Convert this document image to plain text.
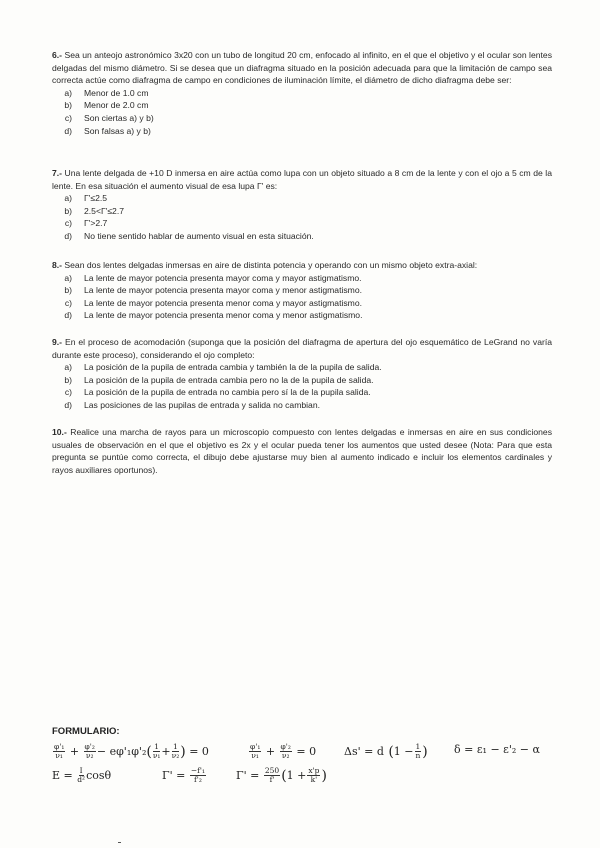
6.- Sea un anteojo astronómico 3x20 con un tubo de longitud 20 cm, enfocado al infinito, en el que el objetivo y el ocular son lentes delgadas del mismo diámetro. Si se desea que un diafragma situado en la posición adecuada para que la limitación de campo sea correcta actúe como diafragma de campo en condiciones de iluminación límite, el diámetro de dicho diafragma debe ser:

a)	Menor de 1.0 cm
b)	Menor de 2.0 cm
c)	Son ciertas a) y b)
d)	Son falsas a) y b)

7.- Una lente delgada de +10 D inmersa en aire actúa como lupa con un objeto situado a 8 cm de la lente y con el ojo a 5 cm de la lente. En esa situación el aumento visual de esa lupa Γ' es:

a)	Γ'≤2.5
b)	2.5<Γ'≤2.7
c)	Γ'>2.7
d)	No tiene sentido hablar de aumento visual en esta situación.

8.- Sean dos lentes delgadas inmersas en aire de distinta potencia y operando con un mismo objeto extra-axial:

a)	La lente de mayor potencia presenta mayor coma y mayor astigmatismo.
b)	La lente de mayor potencia presenta mayor coma y menor astigmatismo.
c)	La lente de mayor potencia presenta menor coma y mayor astigmatismo.
d)	La lente de mayor potencia presenta menor coma y menor astigmatismo.

9.- En el proceso de acomodación (suponga que la posición del diafragma de apertura del ojo esquemático de LeGrand no varía durante este proceso), considerando el ojo completo:

a)	La posición de la pupila de entrada cambia y también la de la pupila de salida.
b)	La posición de la pupila de entrada cambia pero no la de la pupila de salida.
c)	La posición de la pupila de entrada no cambia pero sí la de la pupila salida.
d)	Las posiciones de las pupilas de entrada y salida no cambian.

10.- Realice una marcha de rayos para un microscopio compuesto con lentes delgadas e inmersas en aire en sus condiciones usuales de observación en el que el objetivo es 2x y el ocular pueda tener los aumentos que usted desee (Nota: Para que esta pregunta se puntúe como correcta, el dibujo debe ajustarse muy bien al aumento indicado e incluir los elementos cardinales y rayos auxiliares oportunos).

FORMULARIO:
$\frac{\text{φ'₁}}{\text{ν₁}} + \frac{\text{φ'₂}}{\text{ν₂}} - e\varphi'_1\varphi'_2$ ( $\frac{1}{\text{ν₁}} + \frac{1}{\text{ν₂}}$ )
= 0	$\frac{\text{φ'₁}}{\text{ν₁}} + \frac{\text{φ'₂}}{\text{ν₂}}$
= 0	Δs' = d ( $1 - \frac{1}{n}$ ) δ = ε₁ − ε'₂ − α
E =
$\frac{I}{\text{d²}}$ cosθ	Γ' =
$\frac{\text{−f'₁}}{\text{f'₂}}$	Γ' =
$\frac{250}{f'}$ ( $1 + \frac{x'p}{k'}$ )
